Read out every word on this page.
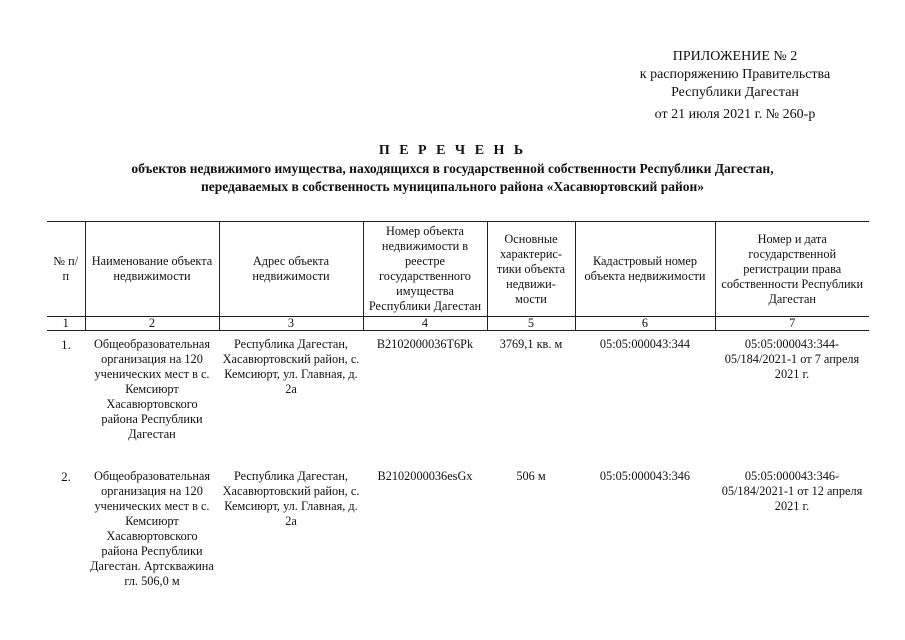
ПРИЛОЖЕНИЕ № 2
к распоряжению Правительства
Республики Дагестан
от 21 июля 2021 г. № 260-р
П Е Р Е Ч Е Н Ь
объектов недвижимого имущества, находящихся в государственной собственности Республики Дагестан,
передаваемых в собственность муниципального района «Хасавюртовский район»
№ п/п	Наименование объекта недвижимости	Адрес объекта недвижимости	Номер объекта недвижимости в реестре государственного имущества Республики Дагестан	Основные характерис- тики объекта недвижи- мости	Кадастровый номер объекта недвижимости	Номер и дата государственной регистрации права собственности Республики Дагестан
1	2	3	4	5	6	7
1.	Общеобразовательная организация на 120 ученических мест в с. Кемсиюрт Хасавюртовского района Республики Дагестан	Республика Дагестан, Хасавюртовский район, с. Кемсиюрт, ул. Главная, д. 2а	B2102000036T6Pk	3769,1 кв. м	05:05:000043:344	05:05:000043:344-05/184/2021-1 от 7 апреля 2021 г.
2.	Общеобразовательная организация на 120 ученических мест в с. Кемсиюрт Хасавюртовского района Республики Дагестан. Артскважина гл. 506,0 м	Республика Дагестан, Хасавюртовский район, с. Кемсиюрт, ул. Главная, д. 2а	B2102000036esGx	506 м	05:05:000043:346	05:05:000043:346-05/184/2021-1 от 12 апреля 2021 г.
